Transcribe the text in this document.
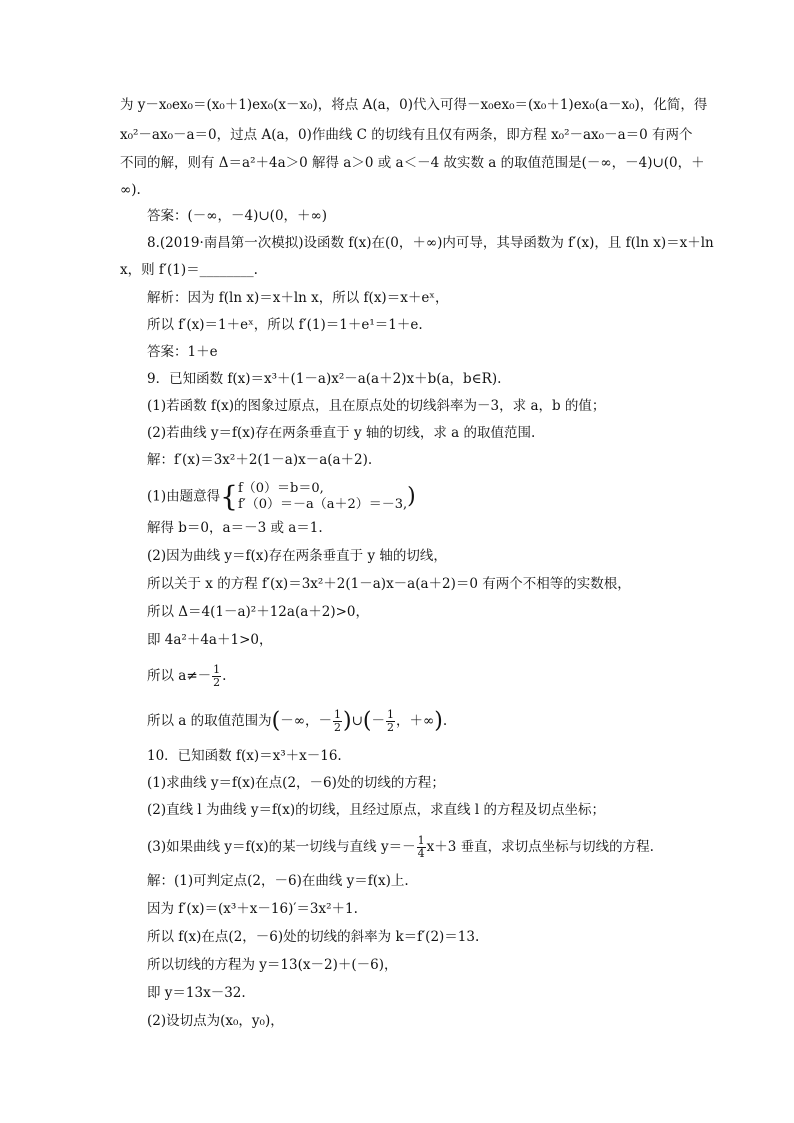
为 y－x₀ex₀＝(x₀＋1)ex₀(x－x₀)，将点 A(a，0)代入可得－x₀ex₀＝(x₀＋1)ex₀(a－x₀)，化简，得
x₀²－ax₀－a＝0，过点 A(a，0)作曲线 C 的切线有且仅有两条，即方程 x₀²－ax₀－a＝0 有两个
不同的解，则有 Δ＝a²＋4a＞0 解得 a＞0 或 a＜－4 故实数 a 的取值范围是(－∞，－4)∪(0，＋
∞).
答案：(－∞，－4)∪(0，＋∞)
8.(2019·南昌第一次模拟)设函数 f(x)在(0，＋∞)内可导，其导函数为 f′(x)，且 f(ln x)＝x＋ln
x，则 f′(1)＝________.
解析：因为 f(ln x)＝x＋ln x，所以 f(x)＝x＋eˣ，
所以 f′(x)＝1＋eˣ，所以 f′(1)＝1＋e¹＝1＋e.
答案：1＋e
9．已知函数 f(x)＝x³＋(1－a)x²－a(a＋2)x＋b(a，b∈R).
(1)若函数 f(x)的图象过原点，且在原点处的切线斜率为－3，求 a，b 的值；
(2)若曲线 y＝f(x)存在两条垂直于 y 轴的切线，求 a 的取值范围.
解：f′(x)＝3x²＋2(1－a)x－a(a＋2).
(1)由题意得{ f（0）＝b＝0,
f′（0）＝－a（a＋2）＝－3, )
解得 b＝0，a＝－3 或 a＝1.
(2)因为曲线 y＝f(x)存在两条垂直于 y 轴的切线，
所以关于 x 的方程 f′(x)＝3x²＋2(1－a)x－a(a＋2)＝0 有两个不相等的实数根，
所以 Δ＝4(1－a)²＋12a(a＋2)>0，
即 4a²＋4a＋1>0，
所以 $a\ne- \frac{1}{2}$ .
所以 a 的取值范围为(－∞，－ $\frac{1}{2}$ )∪(－ $\frac{1}{2}$ ，＋∞).
10．已知函数 f(x)＝x³＋x－16.
(1)求曲线 y＝f(x)在点(2，－6)处的切线的方程；
(2)直线 l 为曲线 y＝f(x)的切线，且经过原点，求直线 l 的方程及切点坐标；
(3)如果曲线 y＝f(x)的某一切线与直线 $y=- \frac{1}{4} x+3$ 垂直，求切点坐标与切线的方程.
解：(1)可判定点(2，－6)在曲线 y＝f(x)上.
因为 f′(x)＝(x³＋x－16)′＝3x²＋1.
所以 f(x)在点(2，－6)处的切线的斜率为 k＝f′(2)＝13.
所以切线的方程为 y＝13(x－2)＋(－6)，
即 y＝13x－32.
(2)设切点为(x₀，y₀)，
